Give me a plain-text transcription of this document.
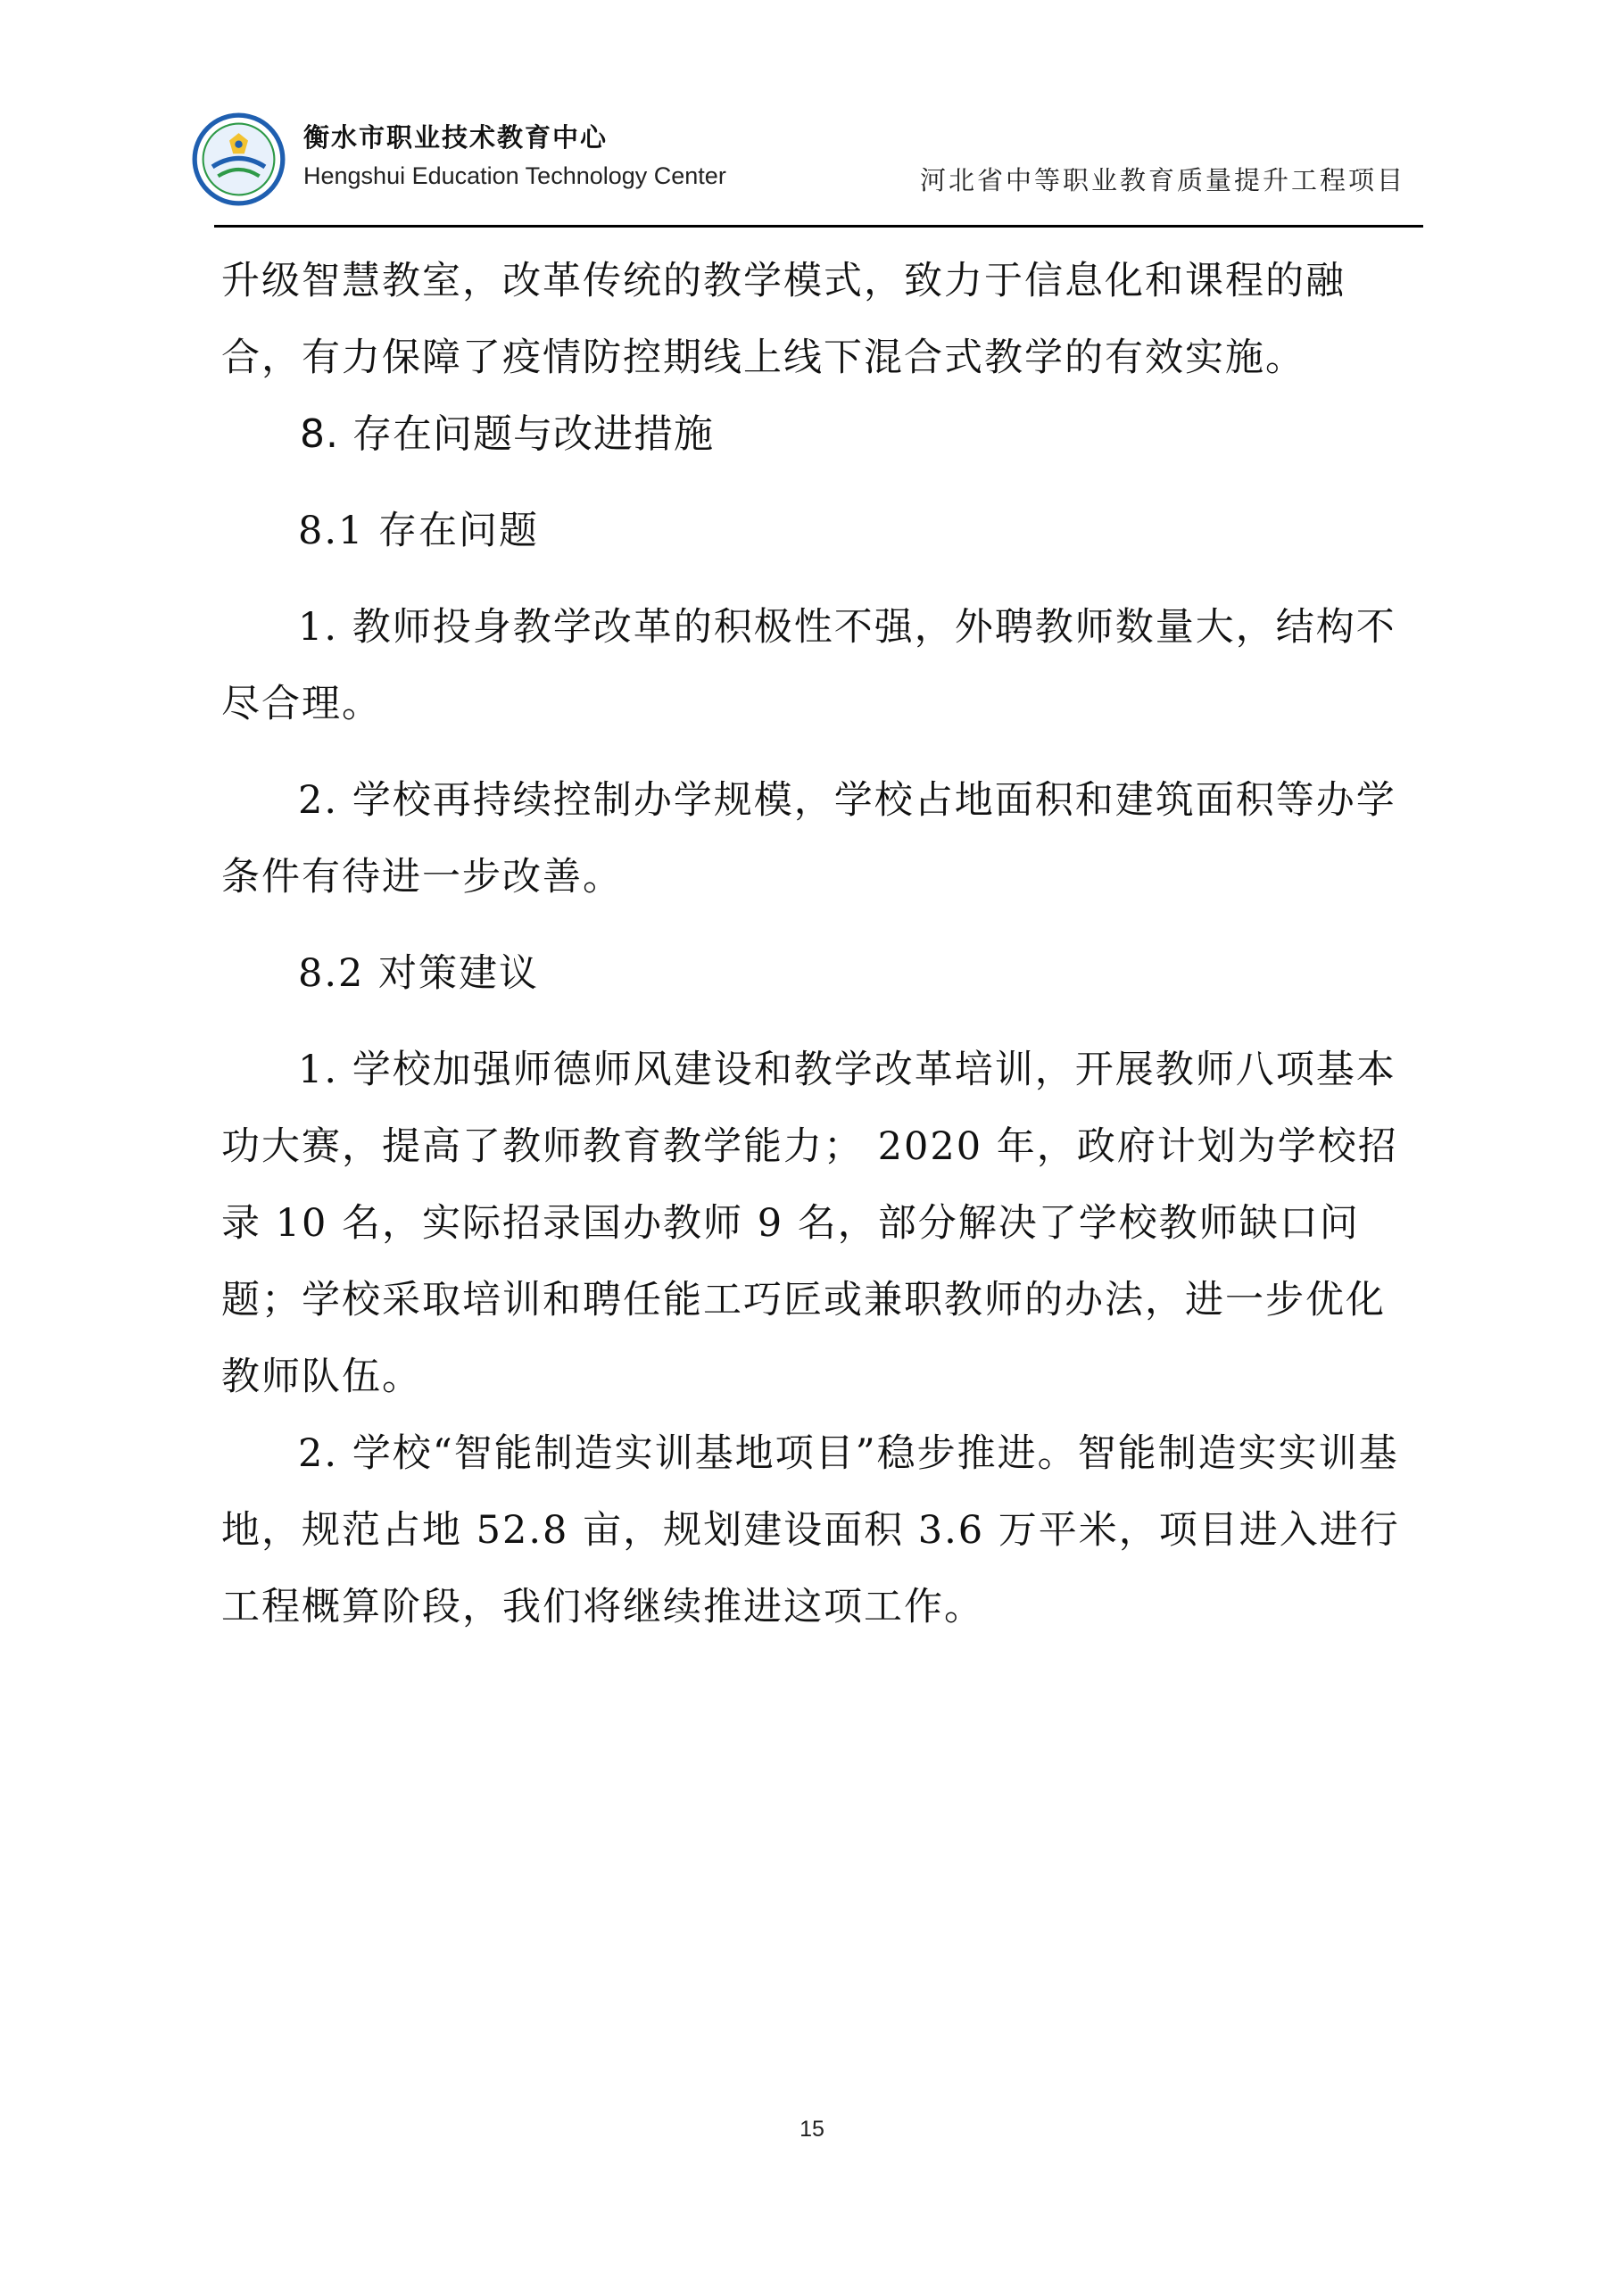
衡水市职业技术教育中心
Hengshui Education Technology Center	河北省中等职业教育质量提升工程项目

升级智慧教室，改革传统的教学模式，致力于信息化和课程的融合，有力保障了疫情防控期线上线下混合式教学的有效实施。

8. 存在问题与改进措施

8.1 存在问题

1. 教师投身教学改革的积极性不强，外聘教师数量大，结构不尽合理。

2. 学校再持续控制办学规模，学校占地面积和建筑面积等办学条件有待进一步改善。

8.2 对策建议

1. 学校加强师德师风建设和教学改革培训，开展教师八项基本功大赛，提高了教师教育教学能力； 2020 年，政府计划为学校招录 10 名，实际招录国办教师 9 名，部分解决了学校教师缺口问题；学校采取培训和聘任能工巧匠或兼职教师的办法，进一步优化教师队伍。

2. 学校“智能制造实训基地项目”稳步推进。智能制造实实训基地，规范占地 52.8 亩，规划建设面积 3.6 万平米，项目进入进行工程概算阶段，我们将继续推进这项工作。

15
